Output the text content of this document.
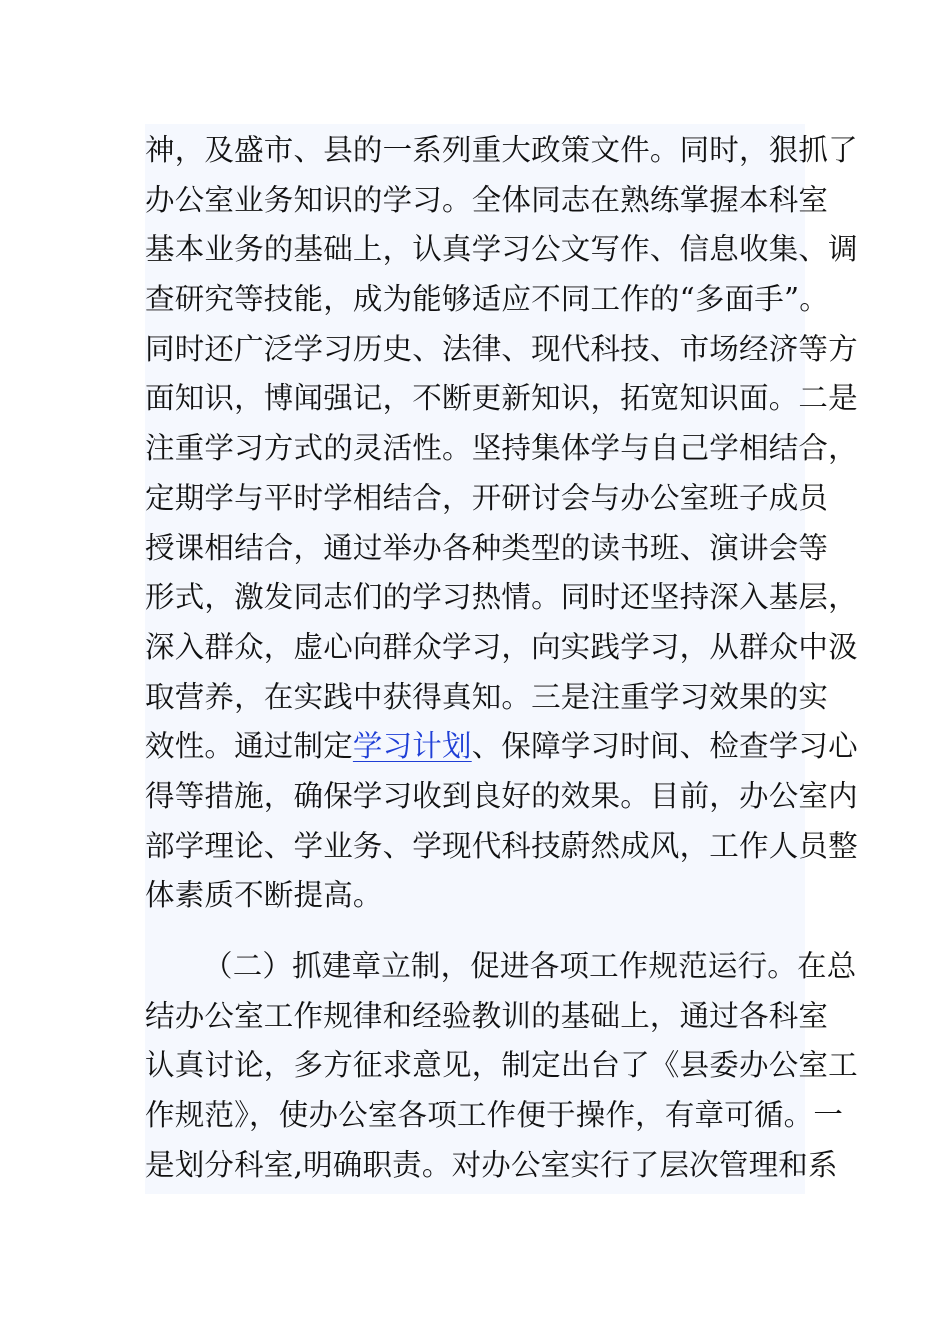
神，及盛市、县的一系列重大政策文件。同时，狠抓了
办公室业务知识的学习。全体同志在熟练掌握本科室
基本业务的基础上，认真学习公文写作、信息收集、调
查研究等技能，成为能够适应不同工作的“多面手”。
同时还广泛学习历史、法律、现代科技、市场经济等方
面知识，博闻强记，不断更新知识，拓宽知识面。二是
注重学习方式的灵活性。坚持集体学与自己学相结合，
定期学与平时学相结合，开研讨会与办公室班子成员
授课相结合，通过举办各种类型的读书班、演讲会等
形式，激发同志们的学习热情。同时还坚持深入基层，
深入群众，虚心向群众学习，向实践学习，从群众中汲
取营养，在实践中获得真知。三是注重学习效果的实
效性。通过制定学习计划、保障学习时间、检查学习心
得等措施，确保学习收到良好的效果。目前，办公室内
部学理论、学业务、学现代科技蔚然成风，工作人员整
体素质不断提高。
（二）抓建章立制，促进各项工作规范运行。在总
结办公室工作规律和经验教训的基础上，通过各科室
认真讨论，多方征求意见，制定出台了《县委办公室工
作规范》，使办公室各项工作便于操作，有章可循。一
是划分科室,明确职责。对办公室实行了层次管理和系
